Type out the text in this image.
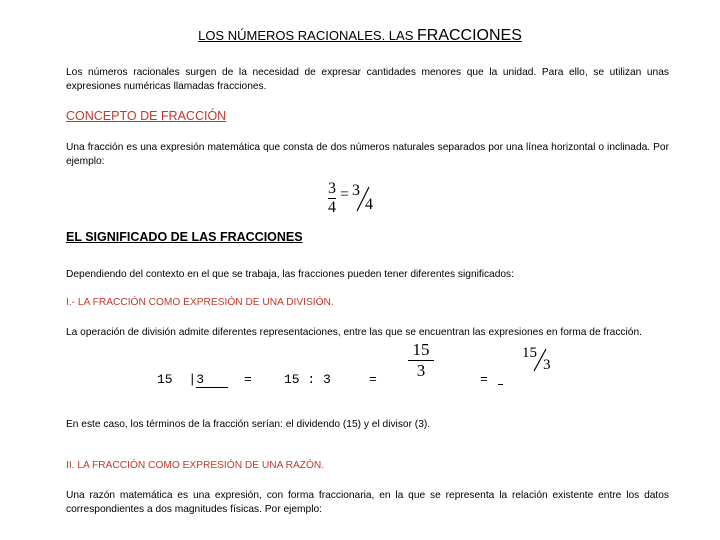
LOS NÚMEROS RACIONALES. LAS FRACCIONES
Los números racionales surgen de la necesidad de expresar cantidades menores que la unidad. Para ello, se utilizan unas expresiones numéricas llamadas fracciones.
CONCEPTO DE FRACCIÓN
Una fracción es una expresión matemática que consta de dos números naturales separados por una línea horizontal o inclinada. Por ejemplo:
$\frac{3}{4} = 3$
4
EL SIGNIFICADO DE LAS FRACCIONES
Dependiendo del contexto en el que se trabaja, las fracciones pueden tener diferentes significados:
I.- LA FRACCIÓN COMO EXPRESIÓN DE UNA DIVISIÓN.
La operación de división admite diferentes representaciones, entre las que se encuentran las expresiones en forma de fracción.
15 |3	= 15 : 3	= $\frac{15}{3}$	=
15
3
En este caso, los términos de la fracción serían: el dividendo (15) y el divisor (3).
II. LA FRACCIÓN COMO EXPRESIÓN DE UNA RAZÓN.
Una razón matemática es una expresión, con forma fraccionaria, en la que se representa la relación existente entre los datos correspondientes a dos magnitudes físicas. Por ejemplo:
